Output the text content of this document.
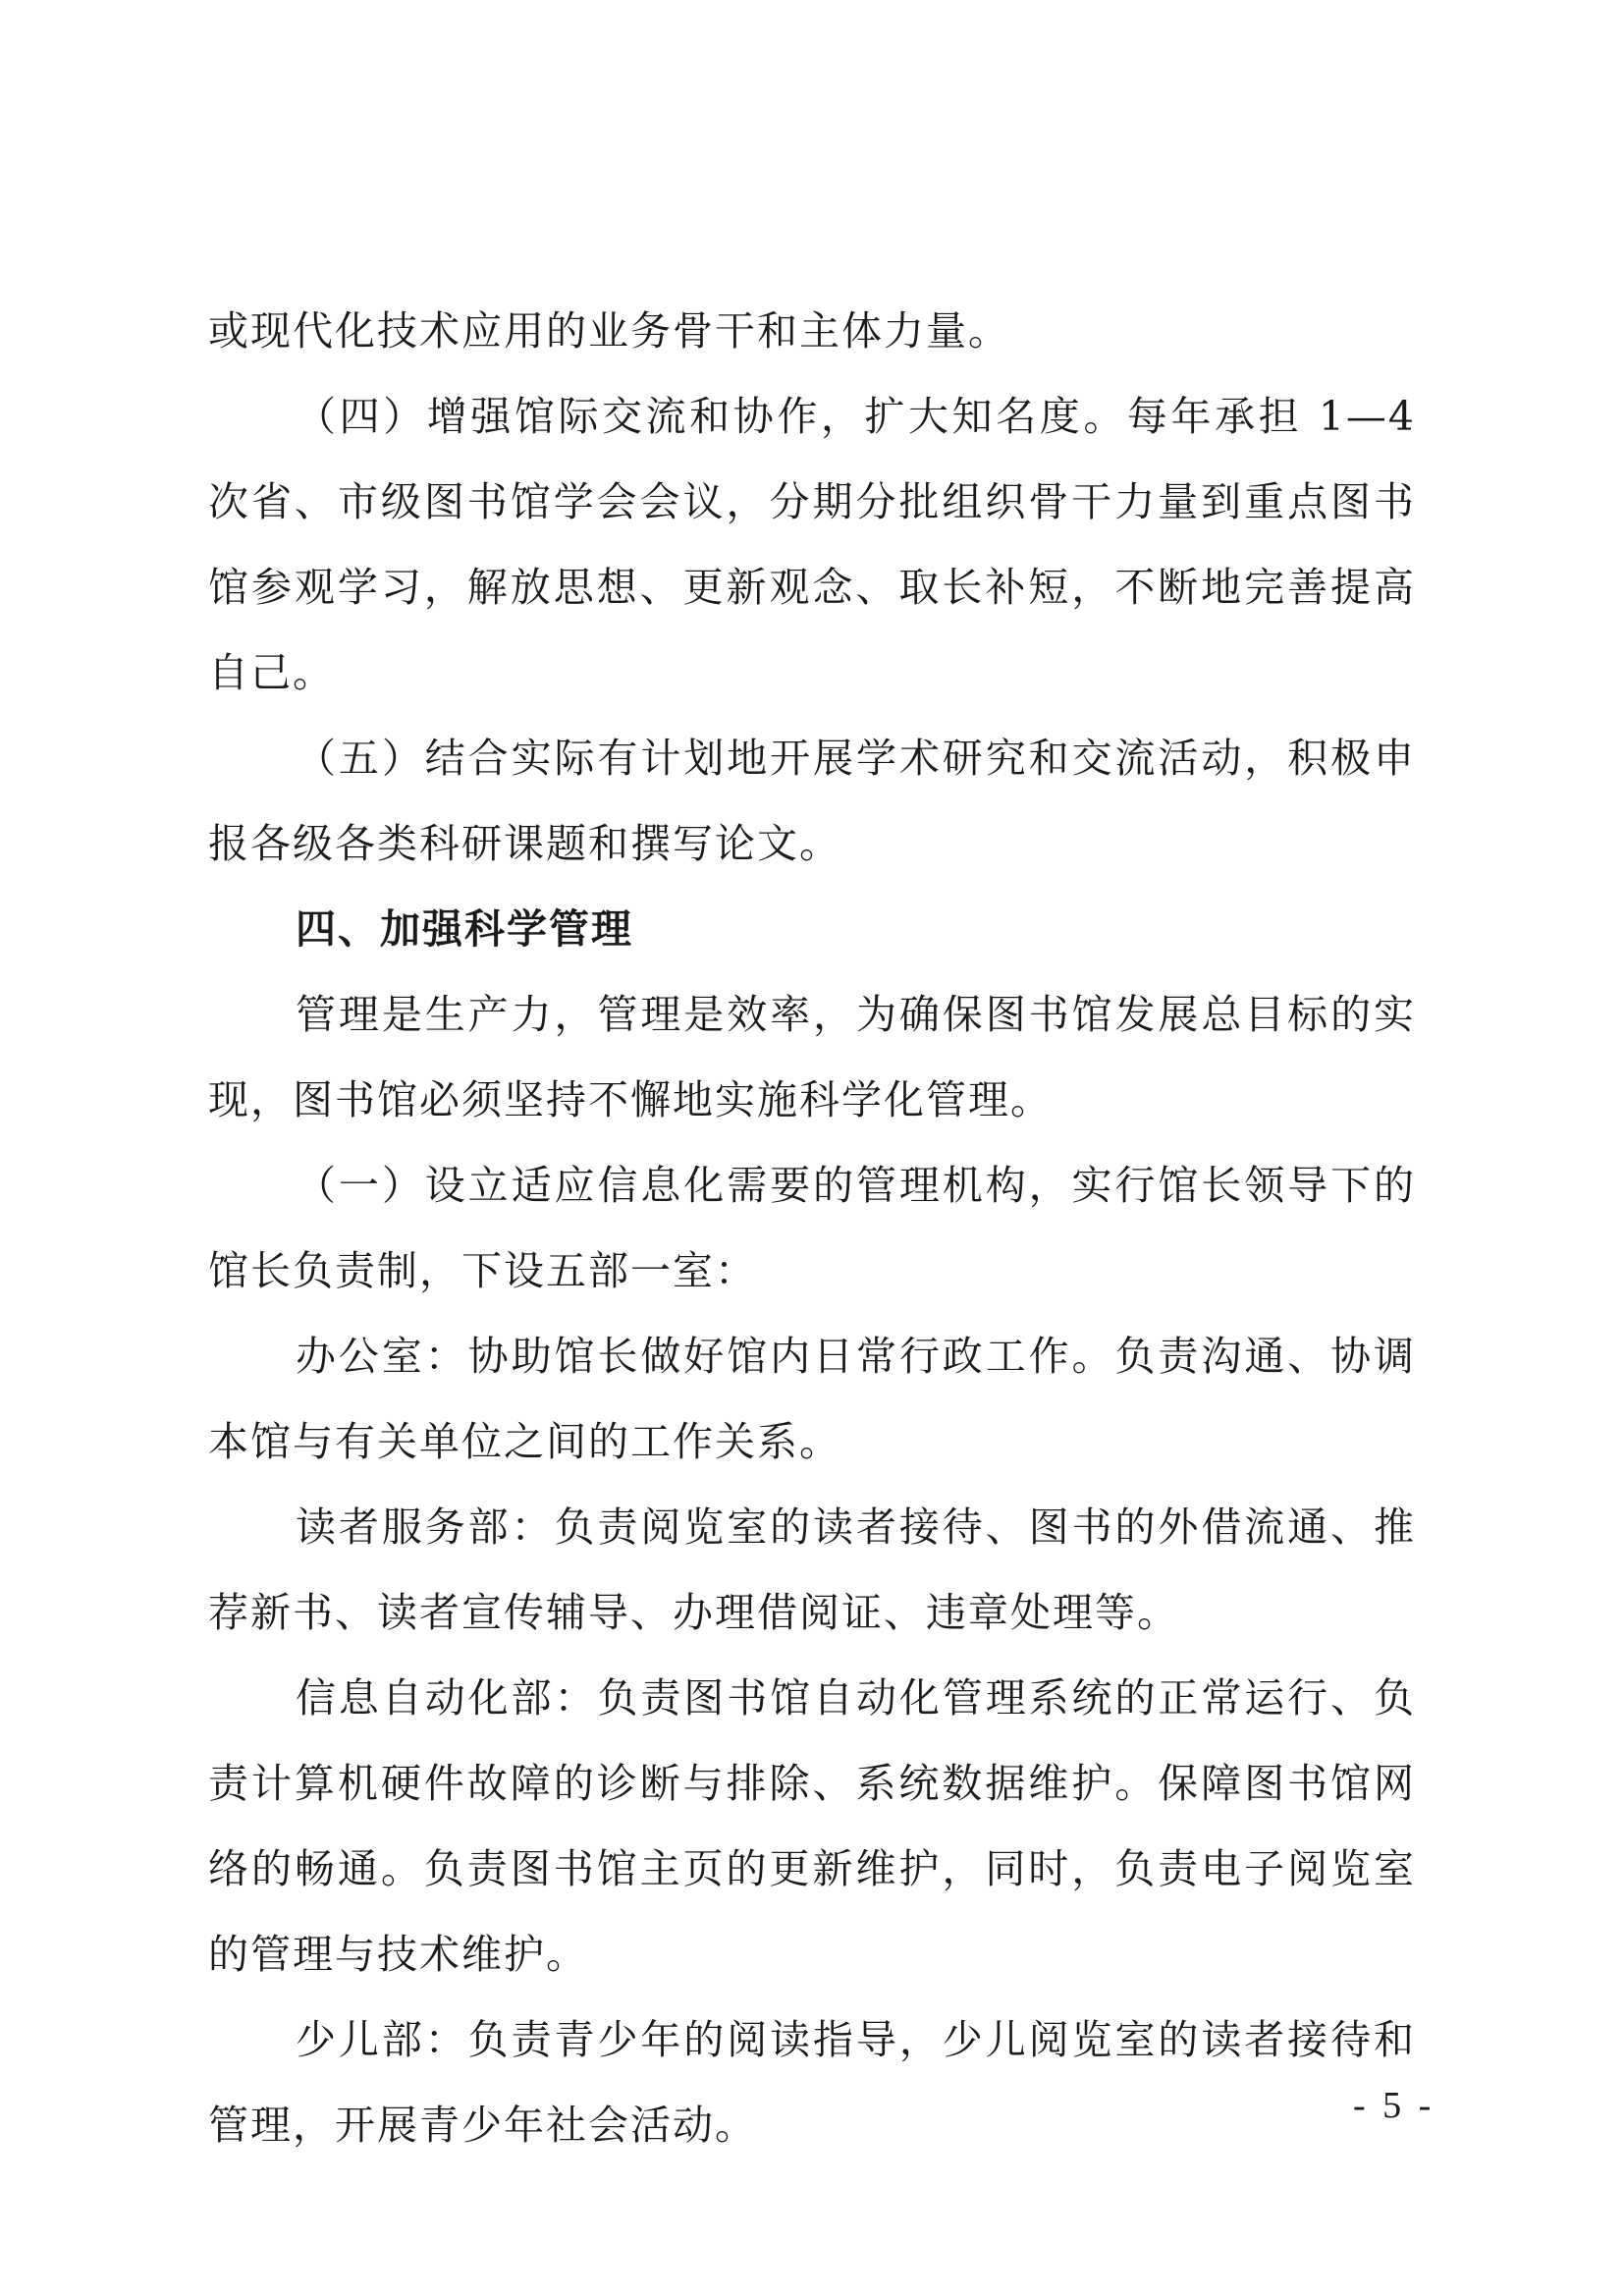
或现代化技术应用的业务骨干和主体力量。

（四）增强馆际交流和协作，扩大知名度。每年承担 1—4 次省、市级图书馆学会会议，分期分批组织骨干力量到重点图书馆参观学习，解放思想、更新观念、取长补短，不断地完善提高自己。

（五）结合实际有计划地开展学术研究和交流活动，积极申报各级各类科研课题和撰写论文。

四、加强科学管理

管理是生产力，管理是效率，为确保图书馆发展总目标的实现，图书馆必须坚持不懈地实施科学化管理。

（一）设立适应信息化需要的管理机构，实行馆长领导下的馆长负责制，下设五部一室：

办公室：协助馆长做好馆内日常行政工作。负责沟通、协调本馆与有关单位之间的工作关系。

读者服务部：负责阅览室的读者接待、图书的外借流通、推荐新书、读者宣传辅导、办理借阅证、违章处理等。

信息自动化部：负责图书馆自动化管理系统的正常运行、负责计算机硬件故障的诊断与排除、系统数据维护。保障图书馆网络的畅通。负责图书馆主页的更新维护，同时，负责电子阅览室的管理与技术维护。

少儿部：负责青少年的阅读指导，少儿阅览室的读者接待和管理，开展青少年社会活动。	- 5 -
